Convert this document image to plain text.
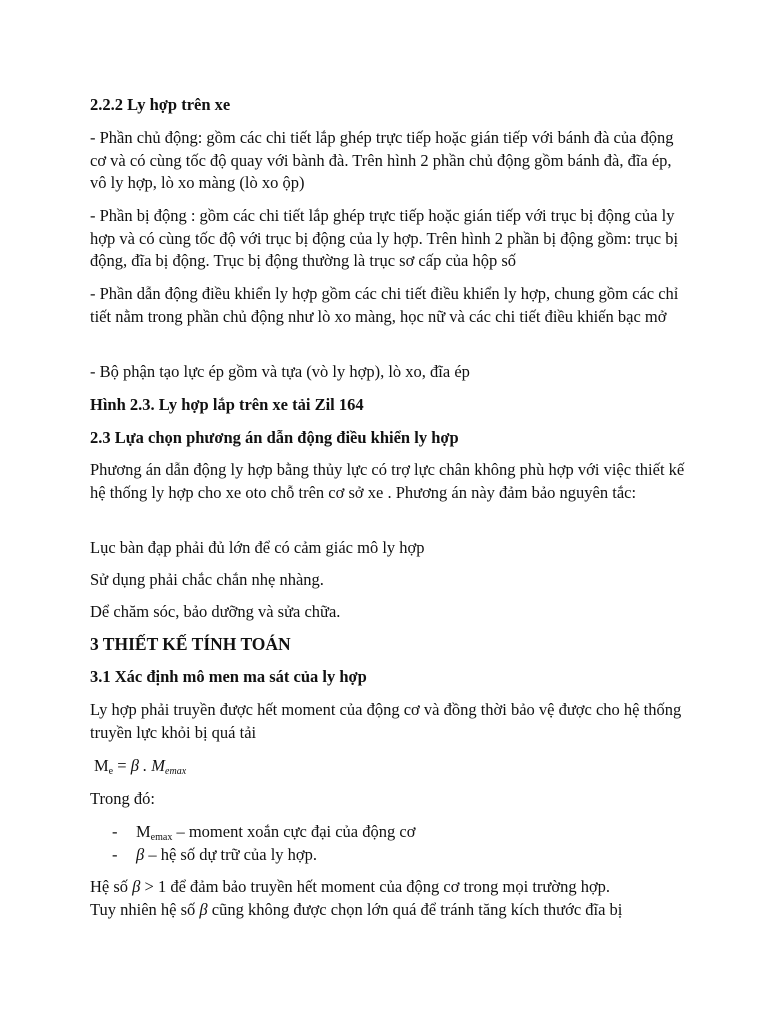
2.2.2 Ly hợp trên xe

- Phần chủ động: gồm các chi tiết lắp ghép trực tiếp hoặc gián tiếp với bánh đà của động cơ và có cùng tốc độ quay với bành đà. Trên hình 2 phần chủ động gồm bánh đà, đĩa ép, vô ly hợp, lò xo màng (lò xo ộp)

- Phần bị động : gồm các chi tiết lắp ghép trực tiếp hoặc gián tiếp với trục bị động của ly hợp và có cùng tốc độ với trục bị động của ly hợp. Trên hình 2 phần bị động gồm: trục bị động, đĩa bị động. Trục bị động thường là trục sơ cấp của hộp số

- Phần dẫn động điều khiển ly hợp gồm các chi tiết điều khiển ly hợp, chung gồm các chỉ tiết nằm trong phần chủ động như lò xo màng, học nữ và các chi tiết điều khiến bạc mở

- Bộ phận tạo lực ép gồm và tựa (vò ly hợp), lò xo, đĩa ép

Hình 2.3. Ly hợp lắp trên xe tải Zil 164

2.3 Lựa chọn phương án dẫn động điều khiển ly hợp

Phương án dẫn động ly hợp bằng thủy lực có trợ lực chân không phù hợp với việc thiết kế hệ thống ly hợp cho xe oto chỗ trên cơ sở xe . Phương án này đảm bảo nguyên tắc:

Lục bàn đạp phải đủ lớn để có cảm giác mô ly hợp

Sử dụng phải chắc chắn nhẹ nhàng.

Dể chăm sóc, bảo dưỡng và sửa chữa.

3 THIẾT KẾ TÍNH TOÁN

3.1 Xác định mô men ma sát của ly hợp

Ly hợp phải truyền được hết moment của động cơ và đồng thời bảo vệ được cho hệ thống truyền lực khỏi bị quá tải

Me = β . Memax

Trong đó:

- Memax – moment xoắn cực đại của động cơ

- β – hệ số dự trữ của ly hợp.

Hệ số β > 1 để đảm bảo truyền hết moment của động cơ trong mọi trường hợp.
Tuy nhiên hệ số β cũng không được chọn lớn quá để tránh tăng kích thước đĩa bị
